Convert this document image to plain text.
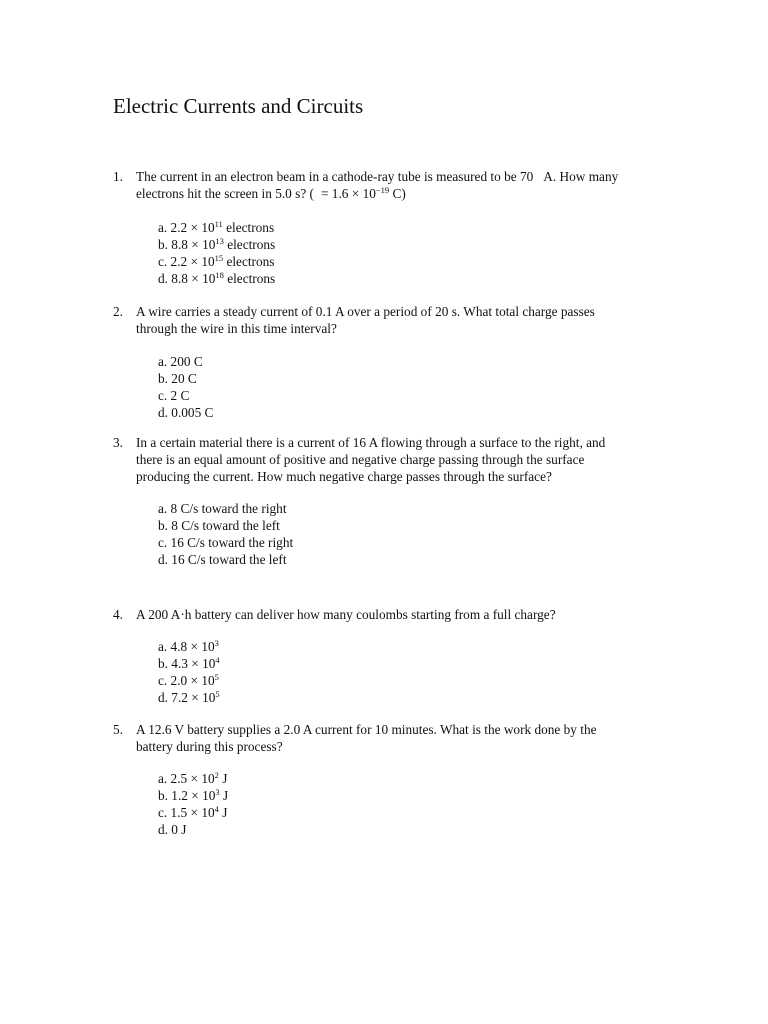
Electric Currents and Circuits
1. The current in an electron beam in a cathode-ray tube is measured to be 70 A. How many
electrons hit the screen in 5.0 s? ( = $1.6 \times 10^{-19}$ C)
a. $2.2 \times 10^{11}$ electrons
b. $8.8 \times 10^{13}$ electrons
c. $2.2 \times 10^{15}$ electrons
d. $8.8 \times 10^{18}$ electrons
2. A wire carries a steady current of 0.1 A over a period of 20 s. What total charge passes
through the wire in this time interval?
a. 200 C
b. 20 C
c. 2 C
d. 0.005 C
3. In a certain material there is a current of 16 A flowing through a surface to the right, and
there is an equal amount of positive and negative charge passing through the surface
producing the current. How much negative charge passes through the surface?
a. 8 C/s toward the right
b. 8 C/s toward the left
c. 16 C/s toward the right
d. 16 C/s toward the left
4. A 200 A·h battery can deliver how many coulombs starting from a full charge?
a. $4.8 \times 10^3$
b. $4.3 \times 10^4$
c. $2.0 \times 10^5$
d. $7.2 \times 10^5$
5. A 12.6 V battery supplies a 2.0 A current for 10 minutes. What is the work done by the
battery during this process?
a. $2.5 \times 10^2$ J
b. $1.2 \times 10^3$ J
c. $1.5 \times 10^4$ J
d. 0 J
